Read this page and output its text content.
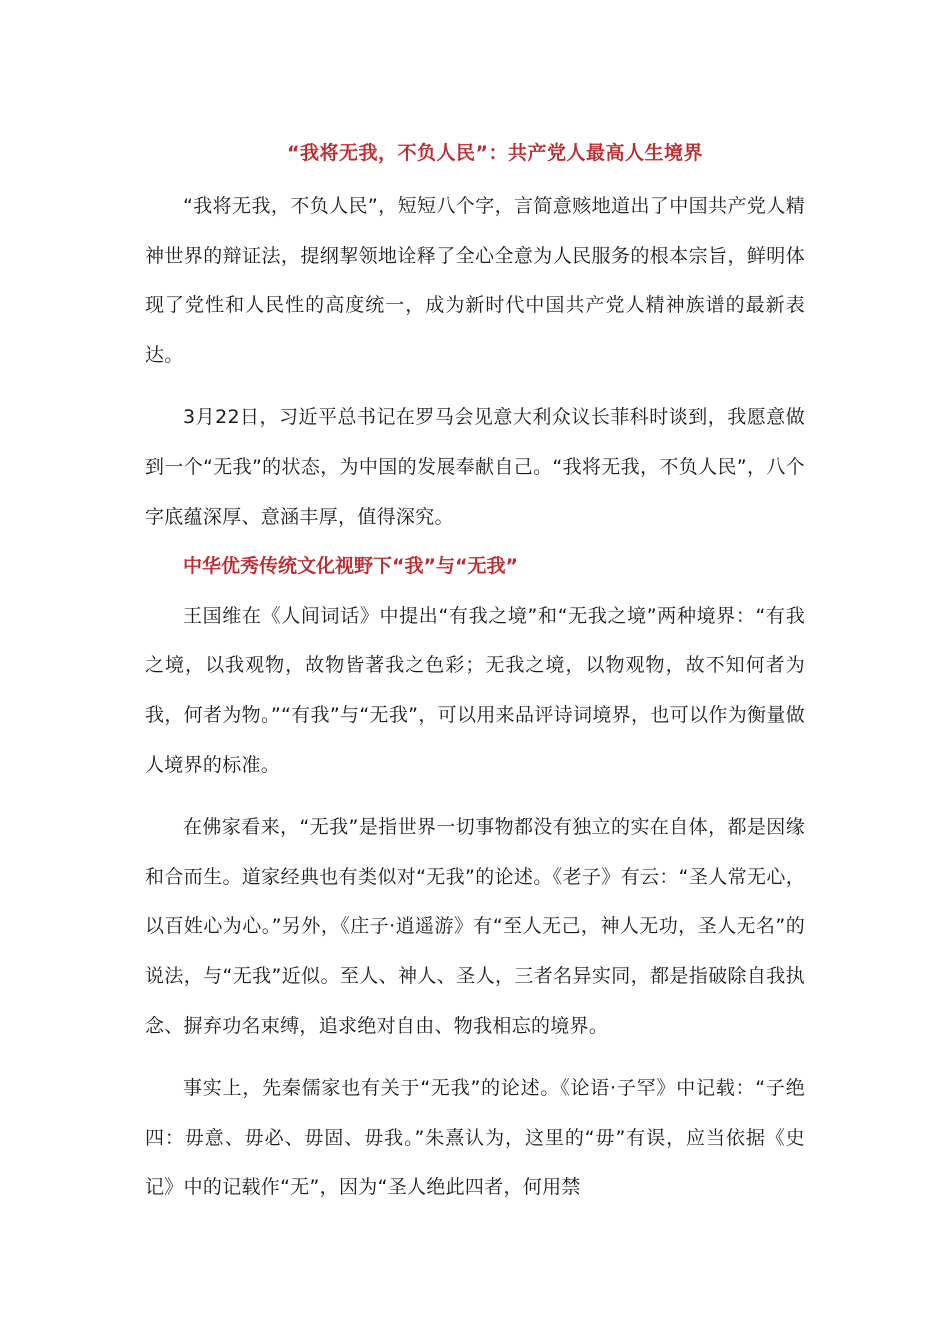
“我将无我，不负人民”：共产党人最高人生境界

“我将无我，不负人民”，短短八个字，言简意赅地道出了中国共产党人精神世界的辩证法，提纲挈领地诠释了全心全意为人民服务的根本宗旨，鲜明体现了党性和人民性的高度统一，成为新时代中国共产党人精神族谱的最新表达。

3月22日，习近平总书记在罗马会见意大利众议长菲科时谈到，我愿意做到一个“无我”的状态，为中国的发展奉献自己。“我将无我，不负人民”，八个字底蕴深厚、意涵丰厚，值得深究。

中华优秀传统文化视野下“我”与“无我”

王国维在《人间词话》中提出“有我之境”和“无我之境”两种境界：“有我之境，以我观物，故物皆著我之色彩；无我之境，以物观物，故不知何者为我，何者为物。”“有我”与“无我”，可以用来品评诗词境界，也可以作为衡量做人境界的标准。

在佛家看来，“无我”是指世界一切事物都没有独立的实在自体，都是因缘和合而生。道家经典也有类似对“无我”的论述。《老子》有云：“圣人常无心，以百姓心为心。”另外，《庄子·逍遥游》有“至人无己，神人无功，圣人无名”的说法，与“无我”近似。至人、神人、圣人，三者名异实同，都是指破除自我执念、摒弃功名束缚，追求绝对自由、物我相忘的境界。

事实上，先秦儒家也有关于“无我”的论述。《论语·子罕》中记载：“子绝四：毋意、毋必、毋固、毋我。”朱熹认为，这里的“毋”有误，应当依据《史记》中的记载作“无”，因为“圣人绝此四者，何用禁
